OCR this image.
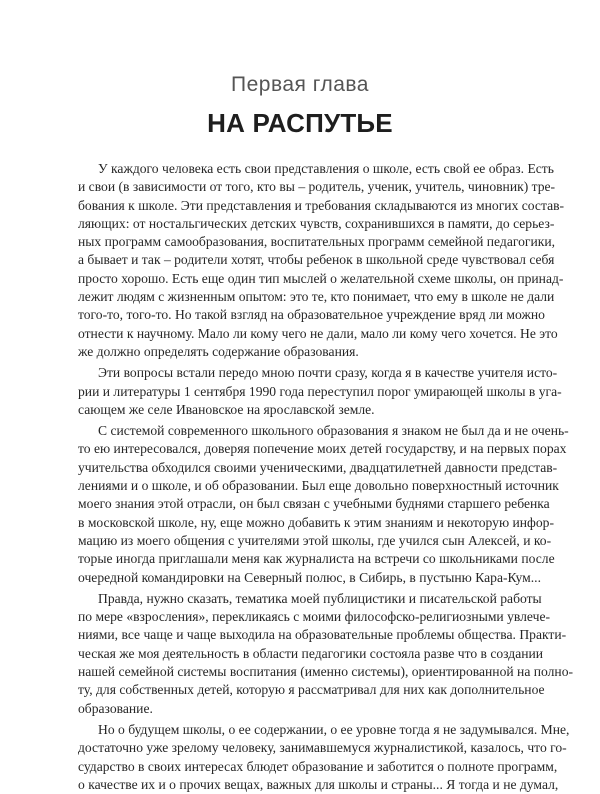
Первая глава
НА РАСПУТЬЕ
У каждого человека есть свои представления о школе, есть свой ее образ. Есть
и свои (в зависимости от того, кто вы – родитель, ученик, учитель, чиновник) тре-
бования к школе. Эти представления и требования складываются из многих состав-
ляющих: от ностальгических детских чувств, сохранившихся в памяти, до серьез-
ных программ самообразования, воспитательных программ семейной педагогики,
а бывает и так – родители хотят, чтобы ребенок в школьной среде чувствовал себя
просто хорошо. Есть еще один тип мыслей о желательной схеме школы, он принад-
лежит людям с жизненным опытом: это те, кто понимает, что ему в школе не дали
того-то, того-то. Но такой взгляд на образовательное учреждение вряд ли можно
отнести к научному. Мало ли кому чего не дали, мало ли кому чего хочется. Не это
же должно определять содержание образования.
Эти вопросы встали передо мною почти сразу, когда я в качестве учителя исто-
рии и литературы 1 сентября 1990 года переступил порог умирающей школы в уга-
сающем же селе Ивановское на ярославской земле.
С системой современного школьного образования я знаком не был да и не очень-
то ею интересовался, доверяя попечение моих детей государству, и на первых порах
учительства обходился своими ученическими, двадцатилетней давности представ-
лениями и о школе, и об образовании. Был еще довольно поверхностный источник
моего знания этой отрасли, он был связан с учебными буднями старшего ребенка
в московской школе, ну, еще можно добавить к этим знаниям и некоторую инфор-
мацию из моего общения с учителями этой школы, где учился сын Алексей, и ко-
торые иногда приглашали меня как журналиста на встречи со школьниками после
очередной командировки на Северный полюс, в Сибирь, в пустыню Кара-Кум...
Правда, нужно сказать, тематика моей публицистики и писательской работы
по мере «взросления», перекликаясь с моими философско-религиозными увлече-
ниями, все чаще и чаще выходила на образовательные проблемы общества. Практи-
ческая же моя деятельность в области педагогики состояла разве что в создании
нашей семейной системы воспитания (именно системы), ориентированной на полно-
ту, для собственных детей, которую я рассматривал для них как дополнительное
образование.
Но о будущем школы, о ее содержании, о ее уровне тогда я не задумывался. Мне,
достаточно уже зрелому человеку, занимавшемуся журналистикой, казалось, что го-
сударство в своих интересах блюдет образование и заботится о полноте программ,
о качестве их и о прочих вещах, важных для школы и страны... Я тогда и не думал,
